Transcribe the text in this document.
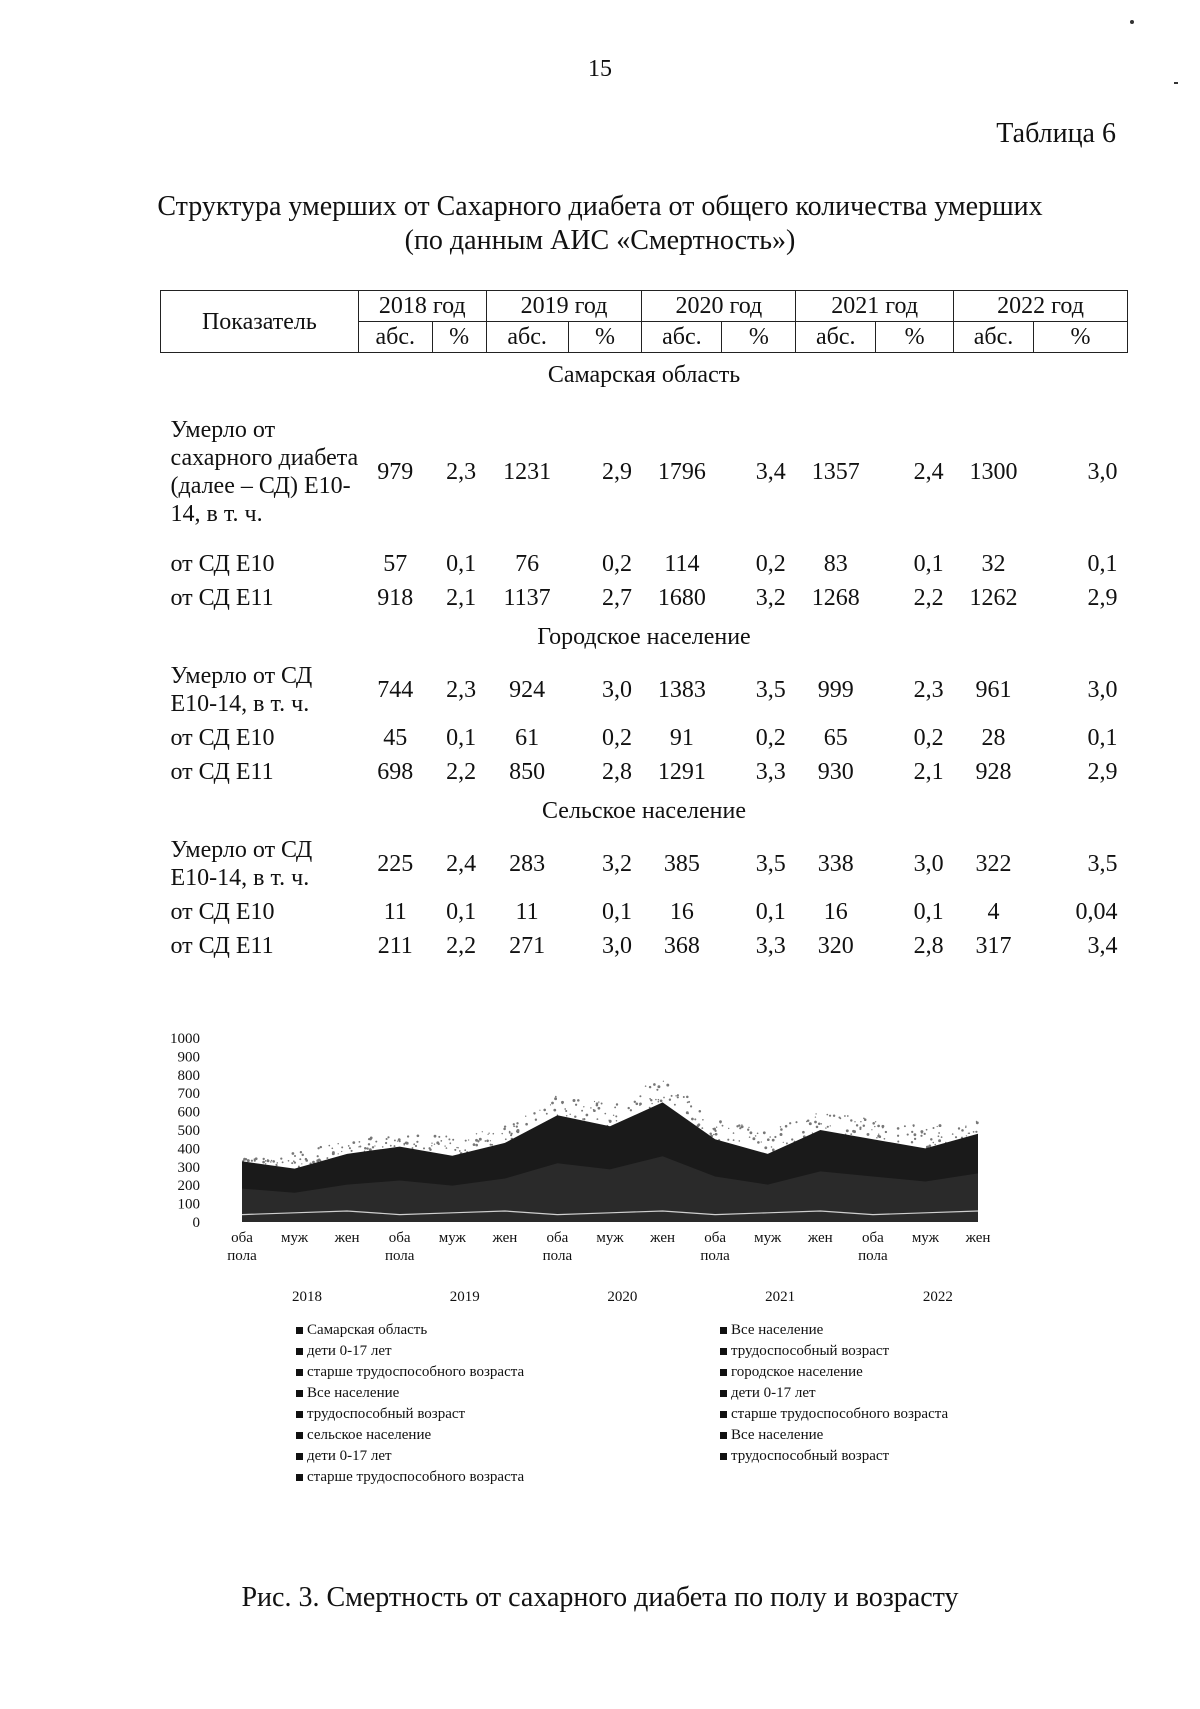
15
Таблица 6
Структура умерших от Сахарного диабета от общего количества умерших
(по данным АИС «Смертность»)
Показатель	2018 год		2019 год		2020 год		2021 год		2022 год	
	абс.	%	абс.	%	абс.	%	абс.	%	абс.	%
Самарская область										
Умерло от сахарного диабета (далее – СД) Е10-14, в т. ч.	979	2,3	1231	2,9	1796	3,4	1357	2,4	1300	3,0
от СД Е10	57	0,1	76	0,2	114	0,2	83	0,1	32	0,1
от СД Е11	918	2,1	1137	2,7	1680	3,2	1268	2,2	1262	2,9
Городское население										
Умерло от СД Е10-14, в т. ч.	744	2,3	924	3,0	1383	3,5	999	2,3	961	3,0
от СД Е10	45	0,1	61	0,2	91	0,2	65	0,2	28	0,1
от СД Е11	698	2,2	850	2,8	1291	3,3	930	2,1	928	2,9
Сельское население										
Умерло от СД Е10-14, в т. ч.	225	2,4	283	3,2	385	3,5	338	3,0	322	3,5
от СД Е10	11	0,1	11	0,1	16	0,1	16	0,1	4	0,04
от СД Е11	211	2,2	271	3,0	368	3,3	320	2,8	317	3,4
1000
900
800
700
600
500
400
300
200
100
0
оба
пола
муж жен оба
пола
муж жен оба
пола
муж жен оба
пола
муж жен оба
пола
муж жен
2018	2019	2020	2021	2022
Самарская область
дети 0-17 лет
старше трудоспособного возраста
Все население
трудоспособный возраст
сельское население
дети 0-17 лет
старше трудоспособного возраста
Все население
трудоспособный возраст
городское население
дети 0-17 лет
старше трудоспособного возраста
Все население
трудоспособный возраст
Рис. 3. Смертность от сахарного диабета по полу и возрасту
